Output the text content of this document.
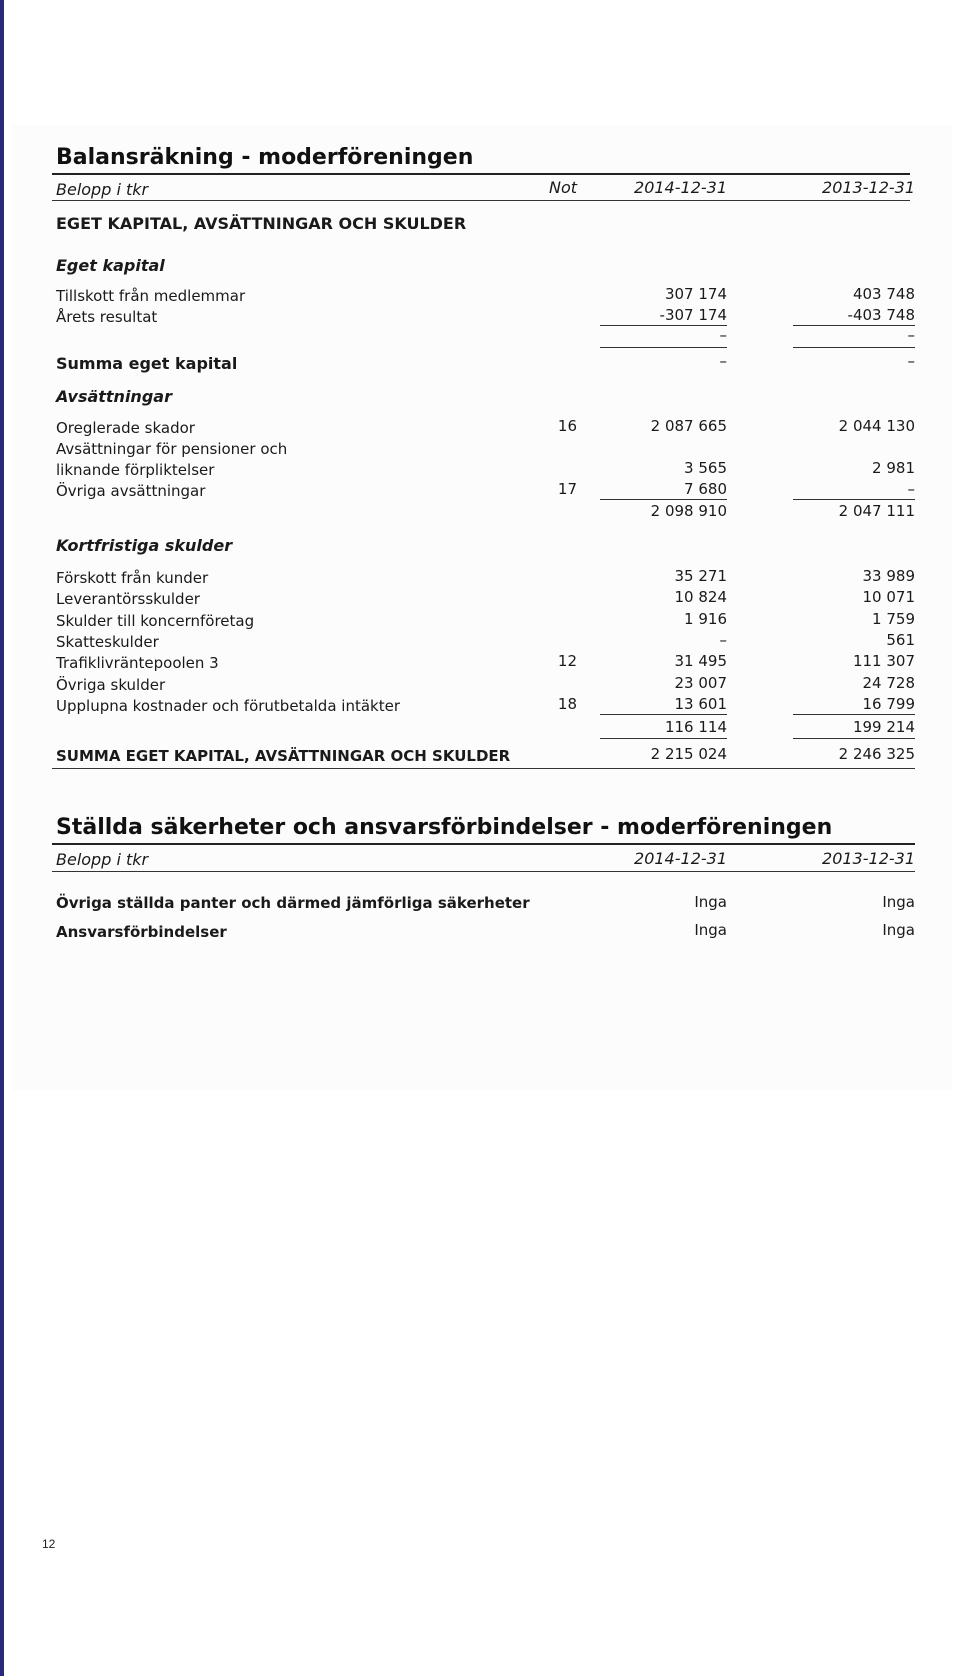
Balansräkning - moderföreningen
Belopp i tkr	Not	2014-12-31	2013-12-31
EGET KAPITAL, AVSÄTTNINGAR OCH SKULDER
Eget kapital
Tillskott från medlemmar	307 174	403 748
Årets resultat	-307 174	-403 748
–	–
Summa eget kapital	–	–
Avsättningar
Oreglerade skador	16	2 087 665	2 044 130
Avsättningar för pensioner och
liknande förpliktelser	3 565	2 981
Övriga avsättningar	17	7 680	–
2 098 910	2 047 111
Kortfristiga skulder
Förskott från kunder	35 271	33 989
Leverantörsskulder	10 824	10 071
Skulder till koncernföretag	1 916	1 759
Skatteskulder	–	561
Trafiklivräntepoolen 3	12	31 495	111 307
Övriga skulder	23 007	24 728
Upplupna kostnader och förutbetalda intäkter	18	13 601	16 799
116 114	199 214
SUMMA EGET KAPITAL, AVSÄTTNINGAR OCH SKULDER	2 215 024	2 246 325
Ställda säkerheter och ansvarsförbindelser - moderföreningen
Belopp i tkr	2014-12-31	2013-12-31
Övriga ställda panter och därmed jämförliga säkerheter	Inga	Inga
Ansvarsförbindelser	Inga	Inga
12
